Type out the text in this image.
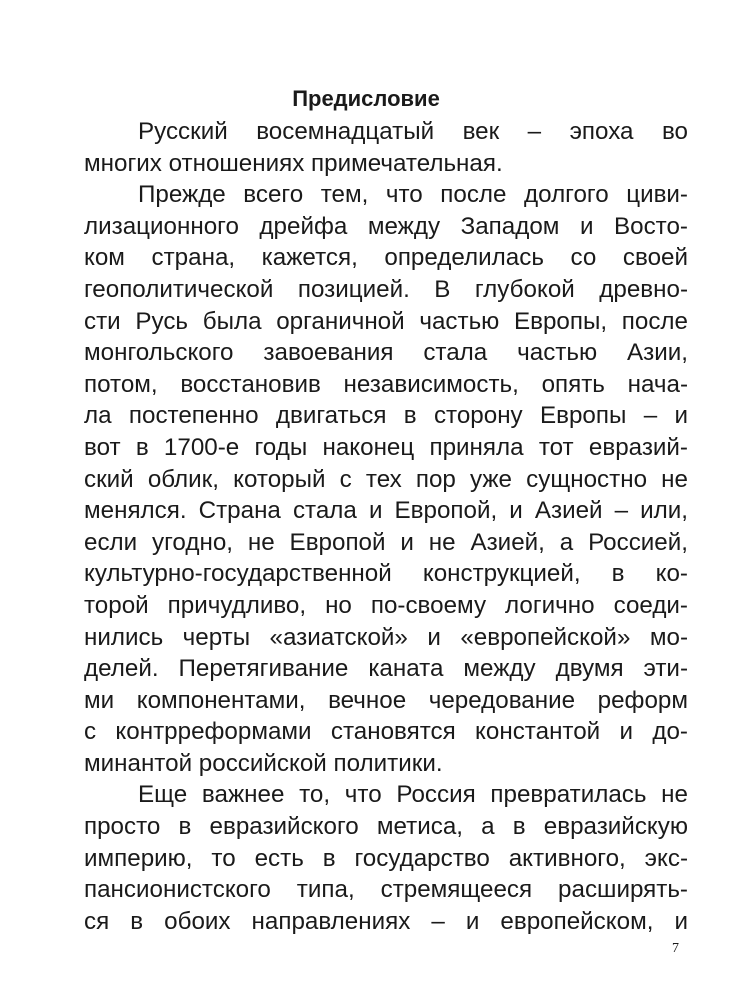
Предисловие
Русский восемнадцатый век – эпоха во
многих отношениях примечательная.
Прежде всего тем, что после долгого циви-
лизационного дрейфа между Западом и Восто-
ком страна, кажется, определилась со своей
геополитической позицией. В глубокой древно-
сти Русь была органичной частью Европы, после
монгольского завоевания стала частью Азии,
потом, восстановив независимость, опять нача-
ла постепенно двигаться в сторону Европы – и
вот в 1700-е годы наконец приняла тот евразий-
ский облик, который с тех пор уже сущностно не
менялся. Страна стала и Европой, и Азией – или,
если угодно, не Европой и не Азией, а Россией,
культурно-государственной конструкцией, в ко-
торой причудливо, но по-своему логично соеди-
нились черты «азиатской» и «европейской» мо-
делей. Перетягивание каната между двумя эти-
ми компонентами, вечное чередование реформ
с контрреформами становятся константой и до-
минантой российской политики.
Еще важнее то, что Россия превратилась не
просто в евразийского метиса, а в евразийскую
империю, то есть в государство активного, экс-
пансионистского типа, стремящееся расширять-
ся в обоих направлениях – и европейском, и
7
